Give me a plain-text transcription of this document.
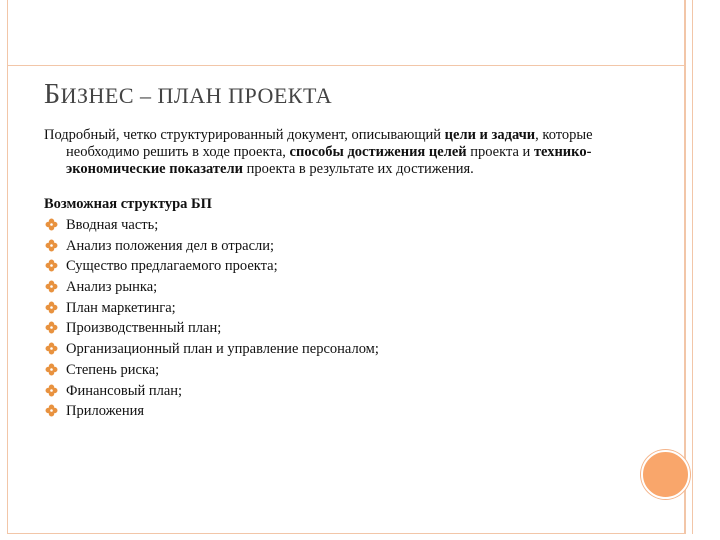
БИЗНЕС – ПЛАН ПРОЕКТА

Подробный, четко структурированный документ, описывающий цели и задачи, которые необходимо решить в ходе проекта, способы достижения целей проекта и технико-экономические показатели проекта в результате их достижения.

Возможная структура БП

Вводная часть;
Анализ положения дел в отрасли;
Существо предлагаемого проекта;
Анализ рынка;
План маркетинга;
Производственный план;
Организационный план и управление персоналом;
Степень риска;
Финансовый план;
Приложения
